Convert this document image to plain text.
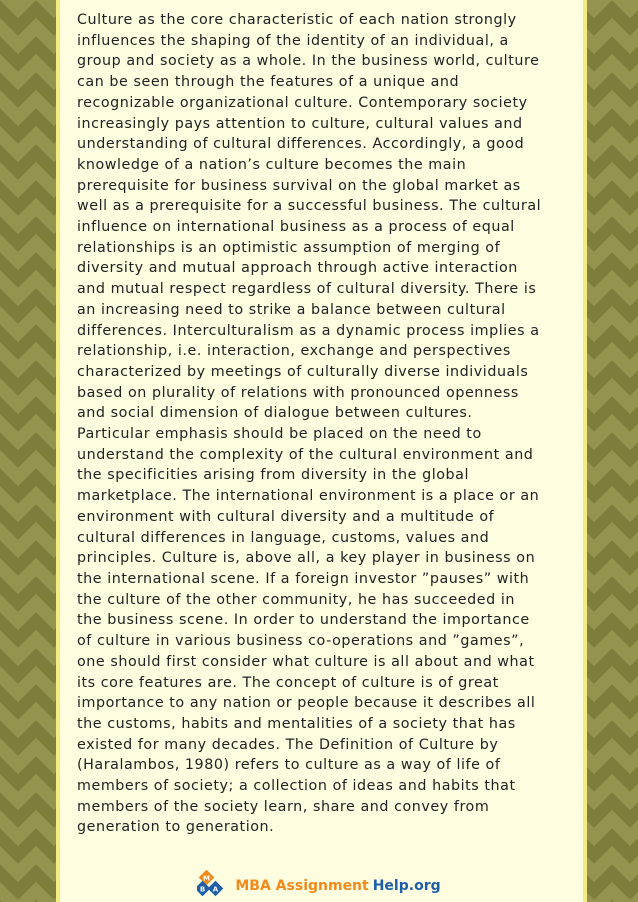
Culture as the core characteristic of each nation strongly
influences the shaping of the identity of an individual, a
group and society as a whole. In the business world, culture
can be seen through the features of a unique and
recognizable organizational culture. Contemporary society
increasingly pays attention to culture, cultural values and
understanding of cultural differences. Accordingly, a good
knowledge of a nation’s culture becomes the main
prerequisite for business survival on the global market as
well as a prerequisite for a successful business. The cultural
influence on international business as a process of equal
relationships is an optimistic assumption of merging of
diversity and mutual approach through active interaction
and mutual respect regardless of cultural diversity. There is
an increasing need to strike a balance between cultural
differences. Interculturalism as a dynamic process implies a
relationship, i.e. interaction, exchange and perspectives
characterized by meetings of culturally diverse individuals
based on plurality of relations with pronounced openness
and social dimension of dialogue between cultures.
Particular emphasis should be placed on the need to
understand the complexity of the cultural environment and
the specificities arising from diversity in the global
marketplace. The international environment is a place or an
environment with cultural diversity and a multitude of
cultural differences in language, customs, values and
principles. Culture is, above all, a key player in business on
the international scene. If a foreign investor ”pauses” with
the culture of the other community, he has succeeded in
the business scene. In order to understand the importance
of culture in various business co-operations and ”games”,
one should first consider what culture is all about and what
its core features are. The concept of culture is of great
importance to any nation or people because it describes all
the customs, habits and mentalities of a society that has
existed for many decades. The Definition of Culture by
(Haralambos, 1980) refers to culture as a way of life of
members of society; a collection of ideas and habits that
members of the society learn, share and convey from
generation to generation.

M
B A MBA Assignment Help.org
